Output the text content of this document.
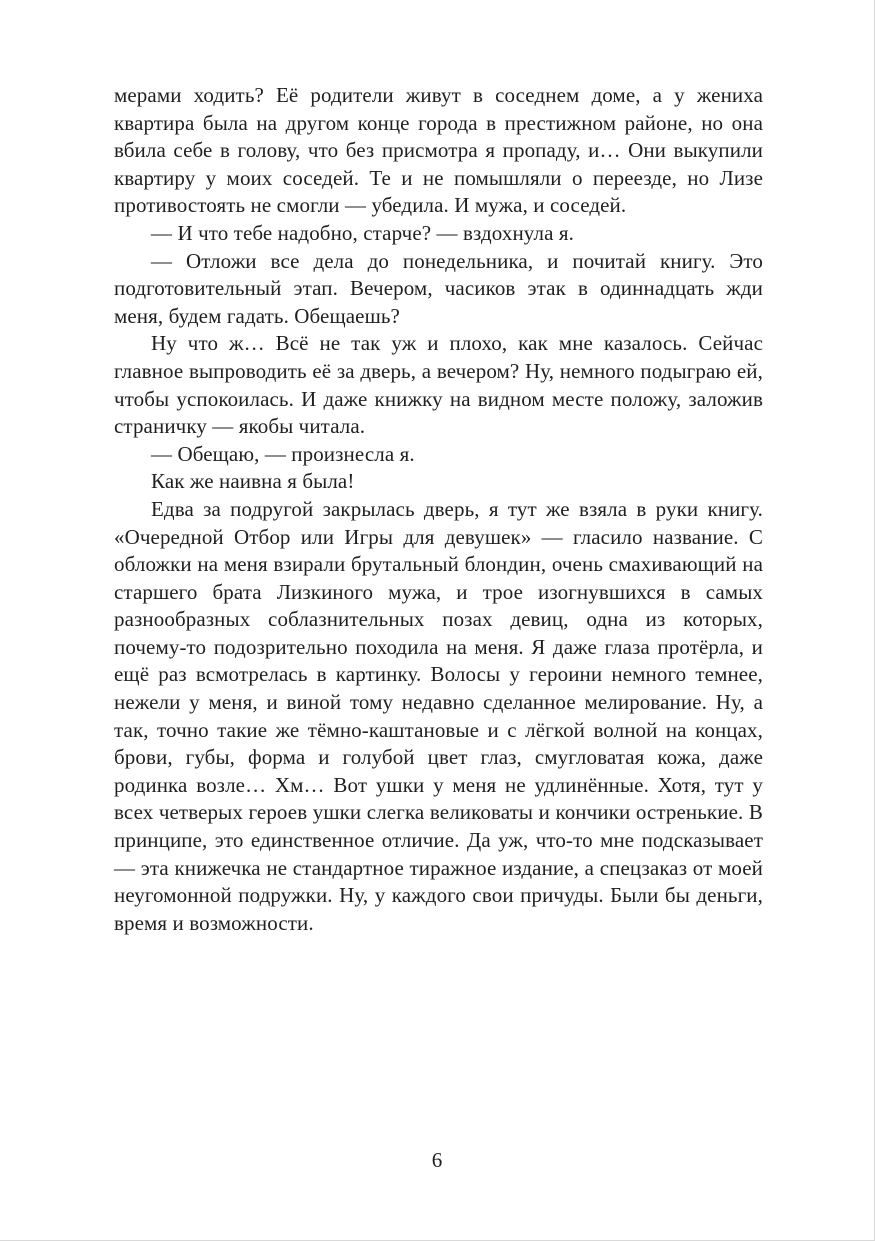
мерами ходить? Её родители живут в соседнем доме, а у жениха квартира была на другом конце города в престижном районе, но она вбила себе в голову, что без присмотра я пропаду, и… Они выкупили квартиру у моих соседей. Те и не помышляли о переезде, но Лизе противостоять не смогли — убедила. И мужа, и соседей.

— И что тебе надобно, старче? — вздохнула я.

— Отложи все дела до понедельника, и почитай книгу. Это подготовительный этап. Вечером, часиков этак в одиннадцать жди меня, будем гадать. Обещаешь?

Ну что ж… Всё не так уж и плохо, как мне казалось. Сейчас главное выпроводить её за дверь, а вечером? Ну, немного подыграю ей, чтобы успокоилась. И даже книжку на видном месте положу, заложив страничку — якобы читала.

— Обещаю, — произнесла я.

Как же наивна я была!

Едва за подругой закрылась дверь, я тут же взяла в руки книгу. «Очередной Отбор или Игры для девушек» — гласило название. С обложки на меня взирали брутальный блондин, очень смахивающий на старшего брата Лизкиного мужа, и трое изогнувшихся в самых разнообразных соблазнительных позах девиц, одна из которых, почему-то подозрительно походила на меня. Я даже глаза протёрла, и ещё раз всмотрелась в картинку. Волосы у героини немного темнее, нежели у меня, и виной тому недавно сделанное мелирование. Ну, а так, точно такие же тёмно-каштановые и с лёгкой волной на концах, брови, губы, форма и голубой цвет глаз, смугловатая кожа, даже родинка возле… Хм… Вот ушки у меня не удлинённые. Хотя, тут у всех четверых героев ушки слегка великоваты и кончики остренькие. В принципе, это единственное отличие. Да уж, что-то мне подсказывает — эта книжечка не стандартное тиражное издание, а спецзаказ от моей неугомонной подружки. Ну, у каждого свои причуды. Были бы деньги, время и возможности.

6
